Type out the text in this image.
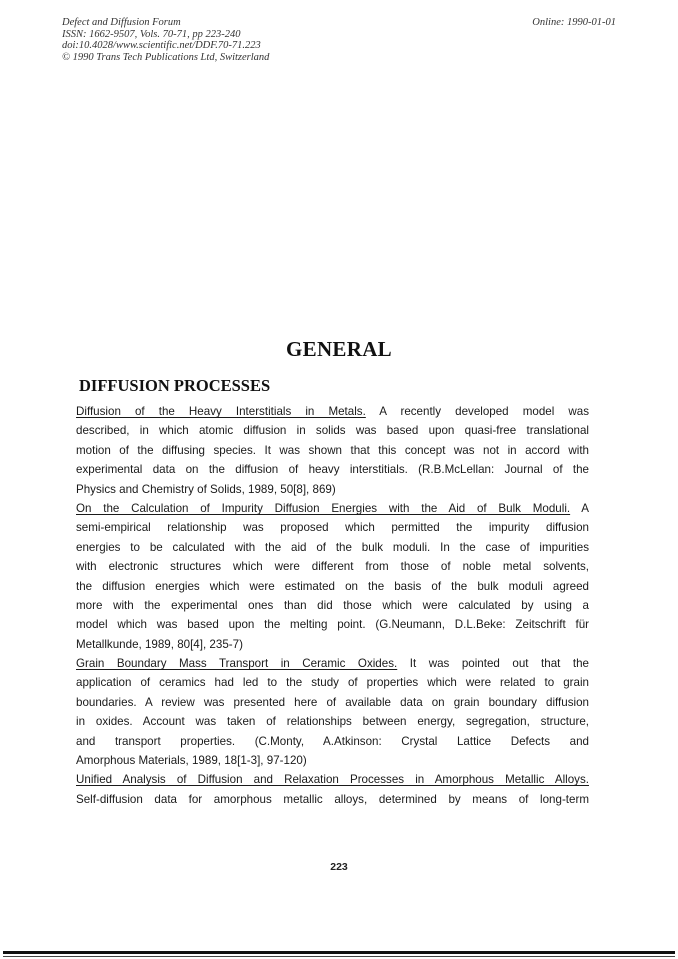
Defect and Diffusion Forum
ISSN: 1662-9507, Vols. 70-71, pp 223-240
doi:10.4028/www.scientific.net/DDF.70-71.223
© 1990 Trans Tech Publications Ltd, Switzerland
Online: 1990-01-01
GENERAL
DIFFUSION PROCESSES
Diffusion of the Heavy Interstitials in Metals. A recently developed model was
described, in which atomic diffusion in solids was based upon quasi-free translational
motion of the diffusing species. It was shown that this concept was not in accord with
experimental data on the diffusion of heavy interstitials. (R.B.McLellan: Journal of the
Physics and Chemistry of Solids, 1989, 50[8], 869)
On the Calculation of Impurity Diffusion Energies with the Aid of Bulk Moduli. A
semi-empirical relationship was proposed which permitted the impurity diffusion
energies to be calculated with the aid of the bulk moduli. In the case of impurities
with electronic structures which were different from those of noble metal solvents,
the diffusion energies which were estimated on the basis of the bulk moduli agreed
more with the experimental ones than did those which were calculated by using a
model which was based upon the melting point. (G.Neumann, D.L.Beke: Zeitschrift für
Metallkunde, 1989, 80[4], 235-7)
Grain Boundary Mass Transport in Ceramic Oxides. It was pointed out that the
application of ceramics had led to the study of properties which were related to grain
boundaries. A review was presented here of available data on grain boundary diffusion
in oxides. Account was taken of relationships between energy, segregation, structure,
and transport properties. (C.Monty, A.Atkinson: Crystal Lattice Defects and
Amorphous Materials, 1989, 18[1-3], 97-120)
Unified Analysis of Diffusion and Relaxation Processes in Amorphous Metallic Alloys.
Self-diffusion data for amorphous metallic alloys, determined by means of long-term
223
